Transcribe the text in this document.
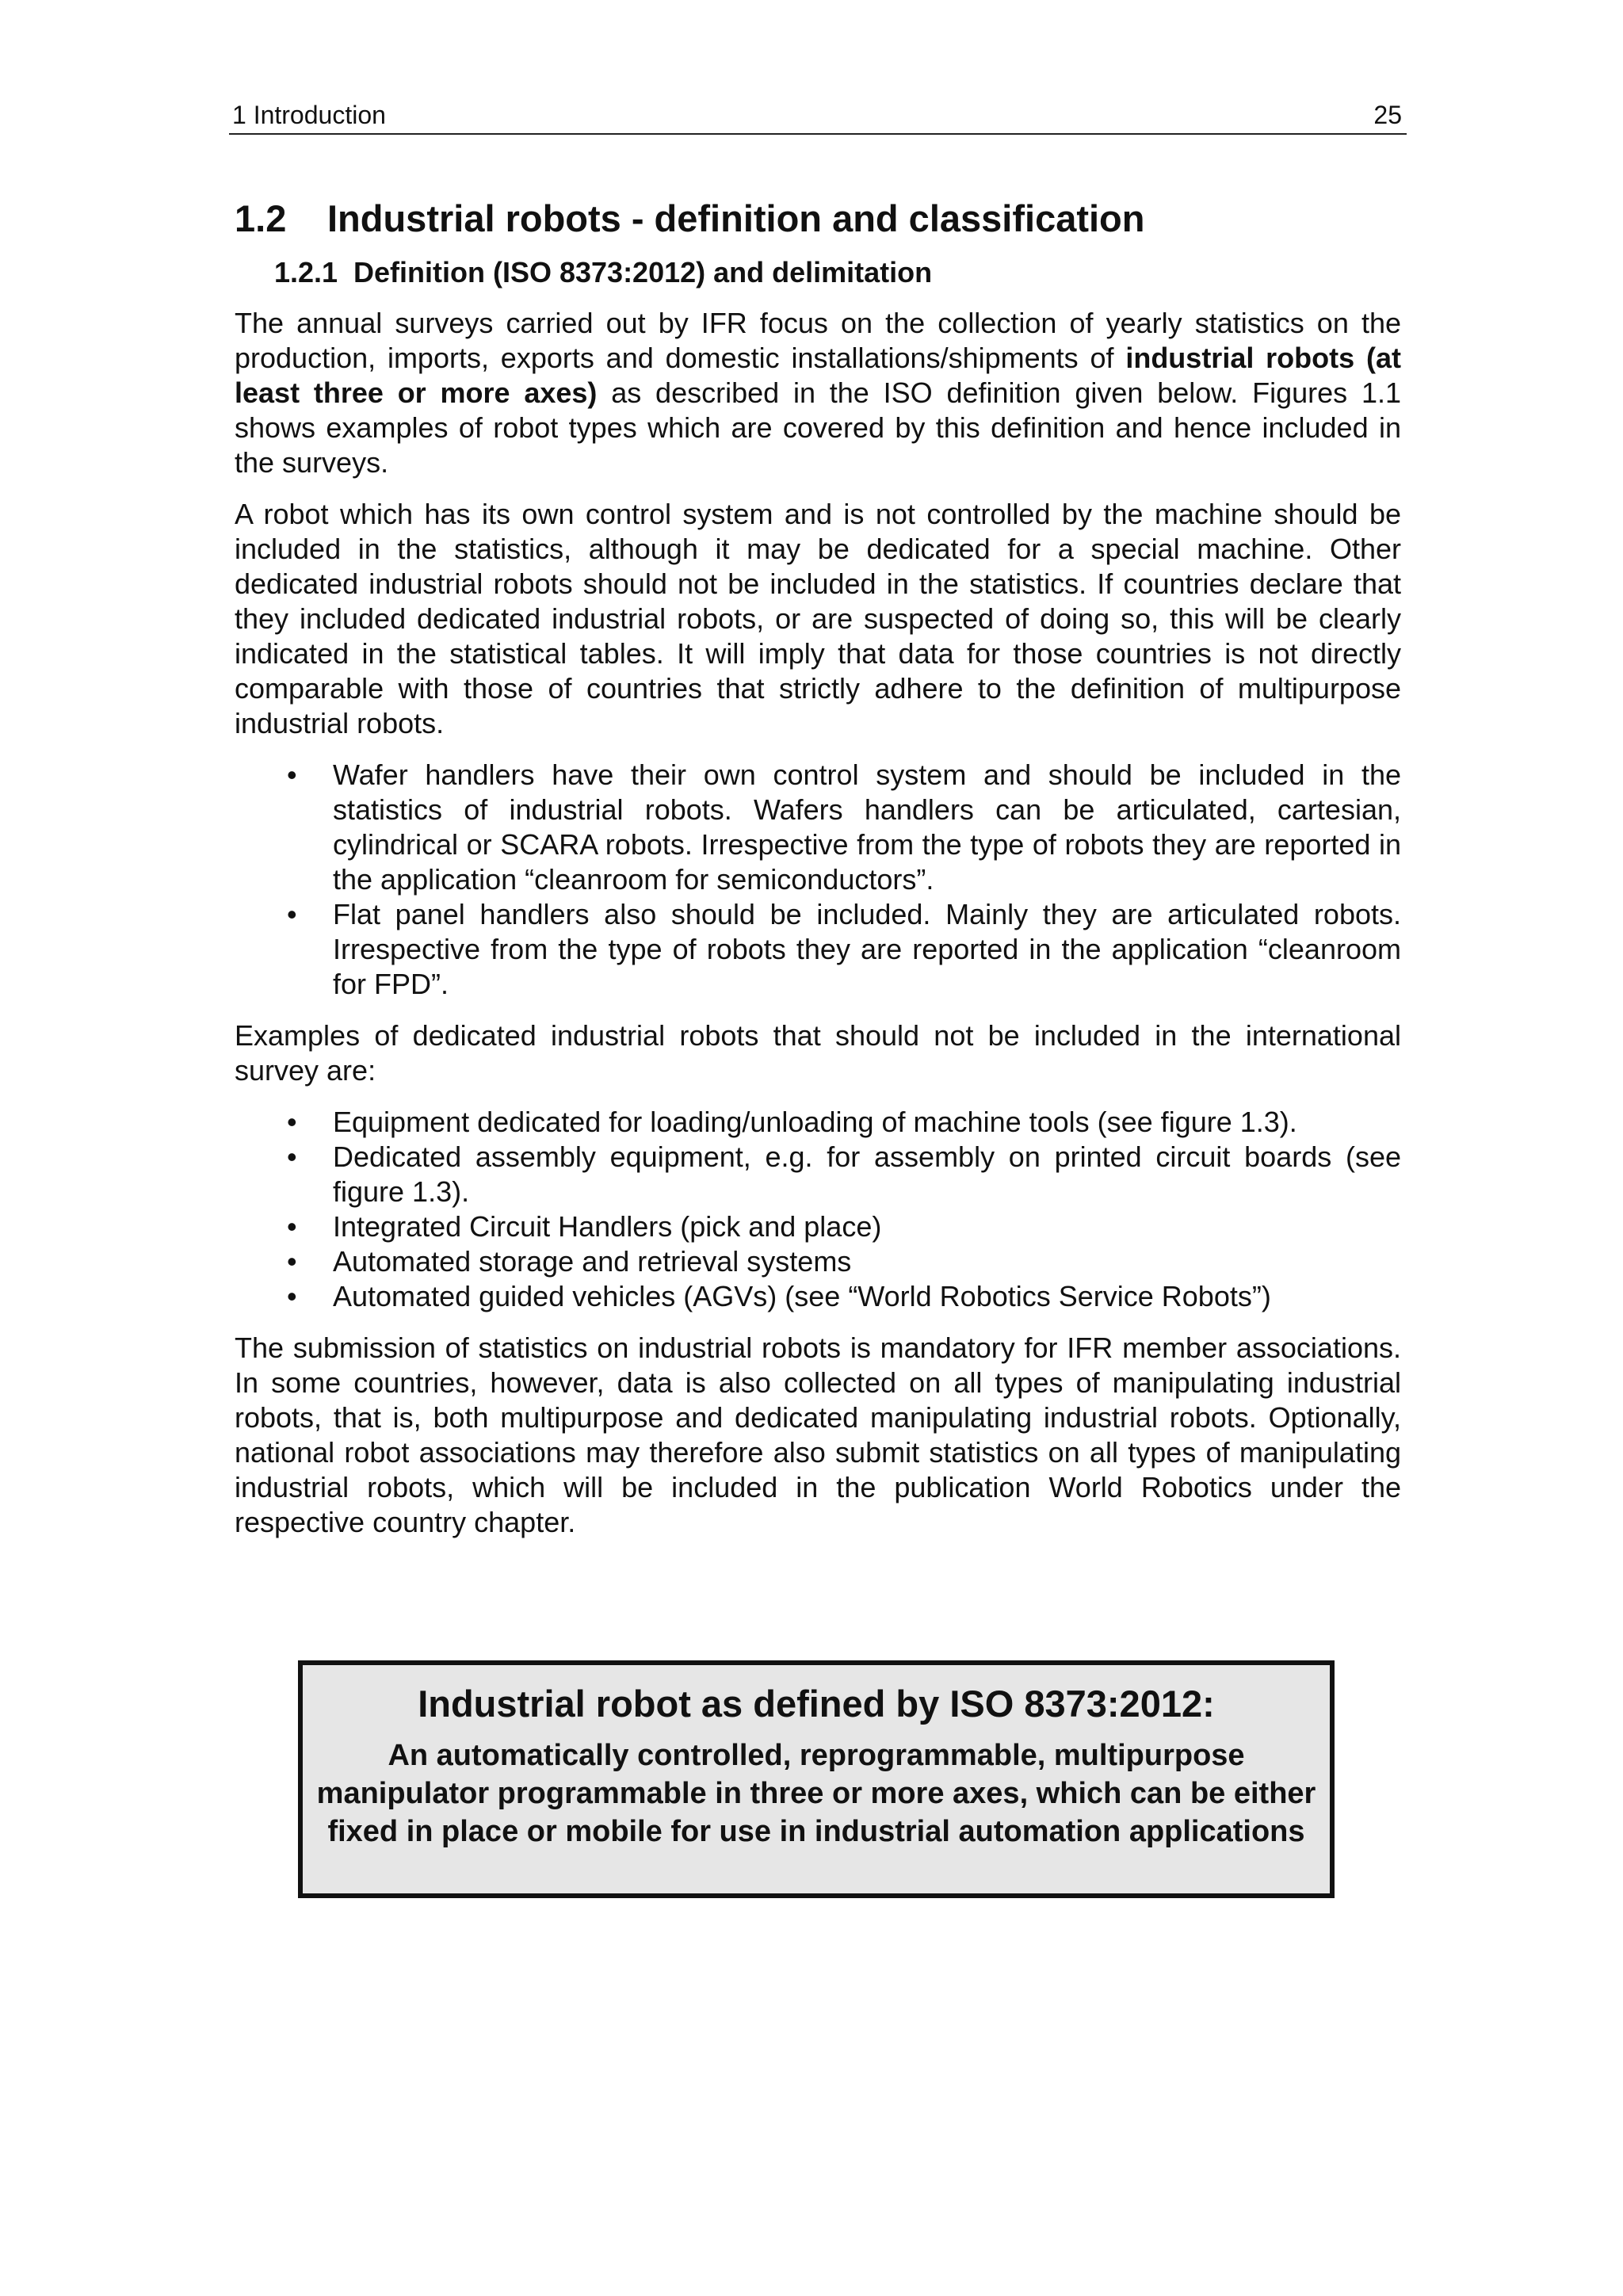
1 Introduction	25
1.2 Industrial robots - definition and classification
1.2.1 Definition (ISO 8373:2012) and delimitation

The annual surveys carried out by IFR focus on the collection of yearly statistics on the production, imports, exports and domestic installations/shipments of industrial robots (at least three or more axes) as described in the ISO definition given below. Figures 1.1 shows examples of robot types which are covered by this definition and hence included in the surveys.

A robot which has its own control system and is not controlled by the machine should be included in the statistics, although it may be dedicated for a special machine. Other dedicated industrial robots should not be included in the statistics. If countries declare that they included dedicated industrial robots, or are suspected of doing so, this will be clearly indicated in the statistical tables. It will imply that data for those countries is not directly comparable with those of countries that strictly adhere to the definition of multipurpose industrial robots.

• Wafer handlers have their own control system and should be included in the statistics of industrial robots. Wafers handlers can be articulated, cartesian, cylindrical or SCARA robots. Irrespective from the type of robots they are reported in the application “cleanroom for semiconductors”.
• Flat panel handlers also should be included. Mainly they are articulated robots. Irrespective from the type of robots they are reported in the application “cleanroom for FPD”.

Examples of dedicated industrial robots that should not be included in the international survey are:

• Equipment dedicated for loading/unloading of machine tools (see figure 1.3).
• Dedicated assembly equipment, e.g. for assembly on printed circuit boards (see figure 1.3).
• Integrated Circuit Handlers (pick and place)
• Automated storage and retrieval systems
• Automated guided vehicles (AGVs) (see “World Robotics Service Robots”)

The submission of statistics on industrial robots is mandatory for IFR member associations. In some countries, however, data is also collected on all types of manipulating industrial robots, that is, both multipurpose and dedicated manipulating industrial robots. Optionally, national robot associations may therefore also submit statistics on all types of manipulating industrial robots, which will be included in the publication World Robotics under the respective country chapter.

Industrial robot as defined by ISO 8373:2012:
An automatically controlled, reprogrammable, multipurpose manipulator programmable in three or more axes, which can be either fixed in place or mobile for use in industrial automation applications
